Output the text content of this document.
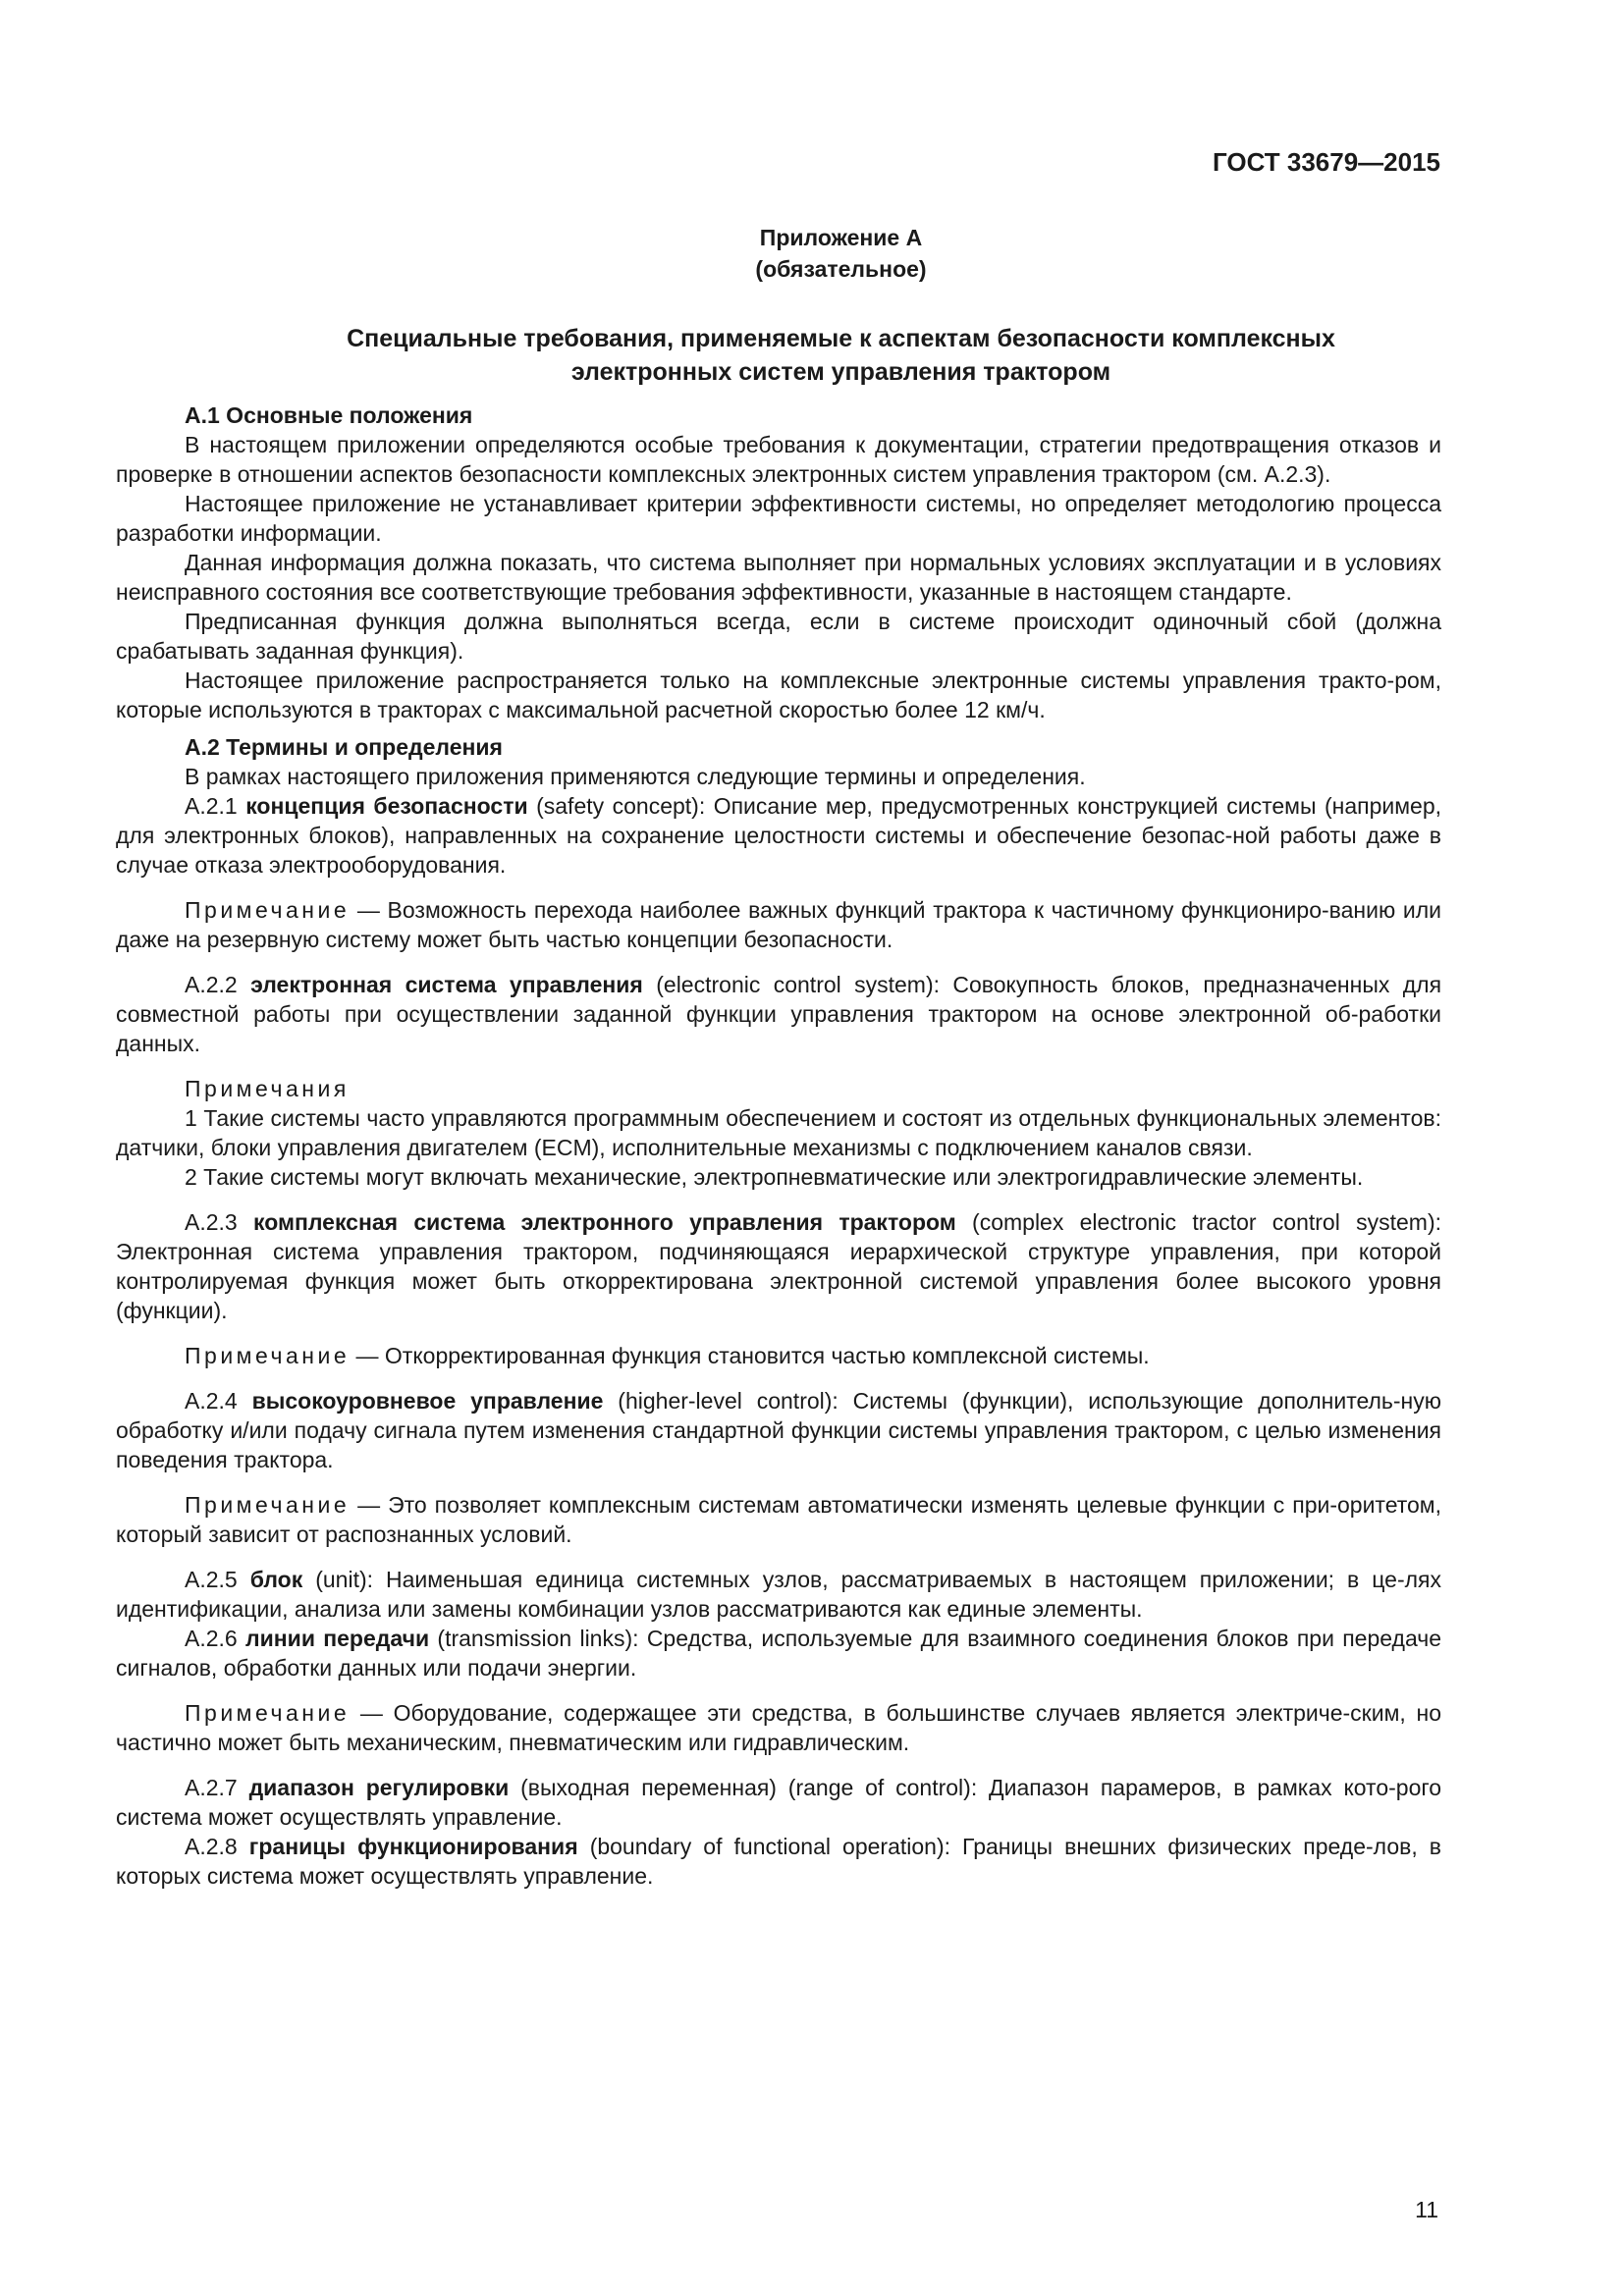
ГОСТ 33679—2015
Приложение А
(обязательное)
Специальные требования, применяемые к аспектам безопасности комплексных
электронных систем управления трактором
А.1 Основные положения

В настоящем приложении определяются особые требования к документации, стратегии предотвращения отказов и проверке в отношении аспектов безопасности комплексных электронных систем управления трактором (см. А.2.3).

Настоящее приложение не устанавливает критерии эффективности системы, но определяет методологию процесса разработки информации.

Данная информация должна показать, что система выполняет при нормальных условиях эксплуатации и в условиях неисправного состояния все соответствующие требования эффективности, указанные в настоящем стандарте.

Предписанная функция должна выполняться всегда, если в системе происходит одиночный сбой (должна срабатывать заданная функция).

Настоящее приложение распространяется только на комплексные электронные системы управления тракто-ром, которые используются в тракторах с максимальной расчетной скоростью более 12 км/ч.

А.2 Термины и определения

В рамках настоящего приложения применяются следующие термины и определения.

А.2.1 концепция безопасности (safety concept): Описание мер, предусмотренных конструкцией системы (например, для электронных блоков), направленных на сохранение целостности системы и обеспечение безопас-ной работы даже в случае отказа электрооборудования.

Примечание — Возможность перехода наиболее важных функций трактора к частичному функциониро-ванию или даже на резервную систему может быть частью концепции безопасности.

А.2.2 электронная система управления (electronic control system): Совокупность блоков, предназначенных для совместной работы при осуществлении заданной функции управления трактором на основе электронной об-работки данных.

Примечания

1 Такие системы часто управляются программным обеспечением и состоят из отдельных функциональных элементов: датчики, блоки управления двигателем (ECM), исполнительные механизмы с подключением каналов связи.

2 Такие системы могут включать механические, электропневматические или электрогидравлические элементы.

А.2.3 комплексная система электронного управления трактором (complex electronic tractor control system): Электронная система управления трактором, подчиняющаяся иерархической структуре управления, при которой контролируемая функция может быть откорректирована электронной системой управления более высокого уровня (функции).

Примечание — Откорректированная функция становится частью комплексной системы.

А.2.4 высокоуровневое управление (higher-level control): Системы (функции), использующие дополнитель-ную обработку и/или подачу сигнала путем изменения стандартной функции системы управления трактором, с целью изменения поведения трактора.

Примечание — Это позволяет комплексным системам автоматически изменять целевые функции с при-оритетом, который зависит от распознанных условий.

А.2.5 блок (unit): Наименьшая единица системных узлов, рассматриваемых в настоящем приложении; в це-лях идентификации, анализа или замены комбинации узлов рассматриваются как единые элементы.

А.2.6 линии передачи (transmission links): Средства, используемые для взаимного соединения блоков при передаче сигналов, обработки данных или подачи энергии.

Примечание — Оборудование, содержащее эти средства, в большинстве случаев является электриче-ским, но частично может быть механическим, пневматическим или гидравлическим.

А.2.7 диапазон регулировки (выходная переменная) (range of control): Диапазон парамеров, в рамках кото-рого система может осуществлять управление.

А.2.8 границы функционирования (boundary of functional operation): Границы внешних физических преде-лов, в которых система может осуществлять управление.

11
